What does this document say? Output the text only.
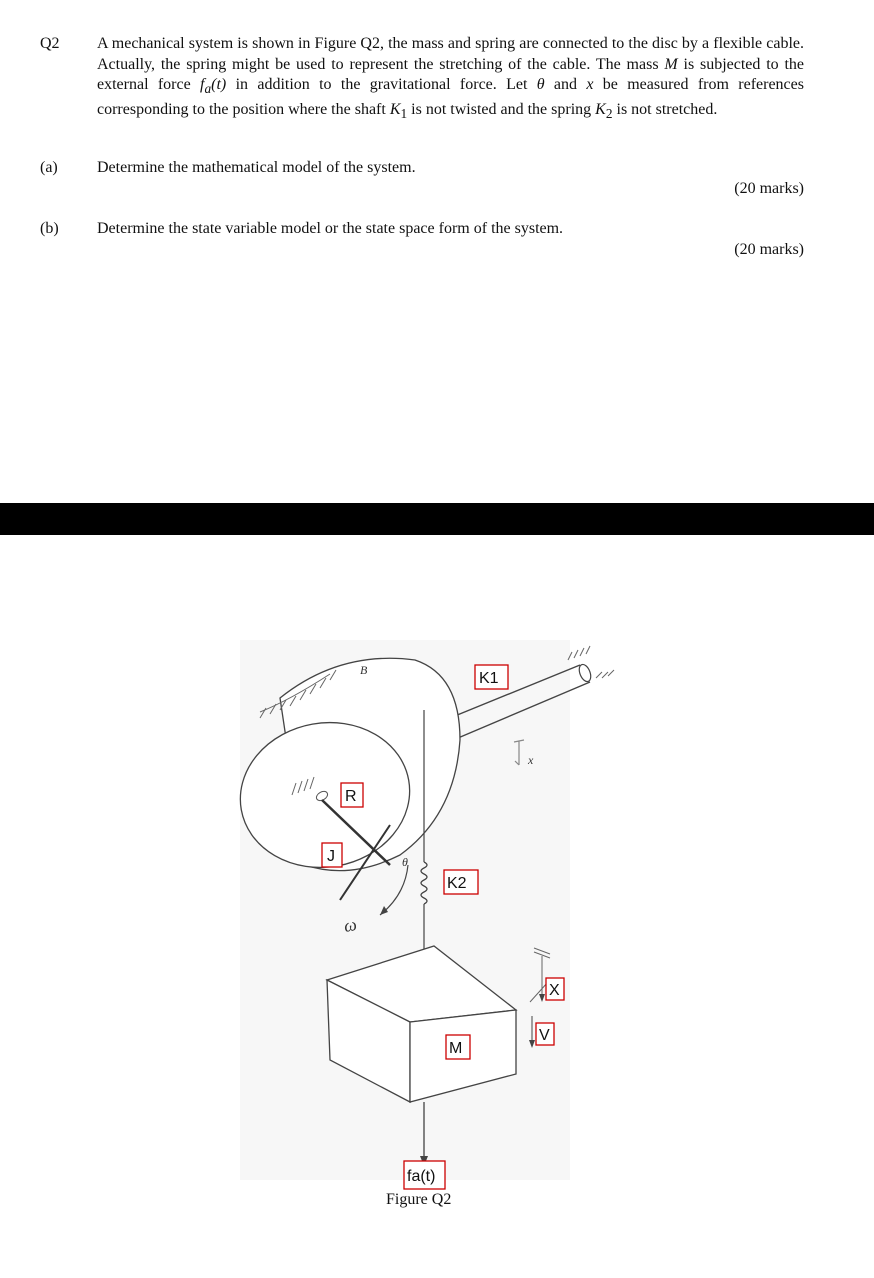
Q2 A mechanical system is shown in Figure Q2, the mass and spring are connected to the disc by a flexible cable. Actually, the spring might be used to represent the stretching of the cable. The mass M is subjected to the external force $f_a(t)$ in addition to the gravitational force. Let θ and x be measured from references corresponding to the position where the shaft $K_1$ is not twisted and the spring $K_2$ is not stretched.
(a) Determine the mathematical model of the system.
(20 marks)
(b) Determine the state variable model or the state space form of the system.
(20 marks)
B
ω
θ
x
K1
R
J
K2
X
V
M
fa(t)
Figure Q2
